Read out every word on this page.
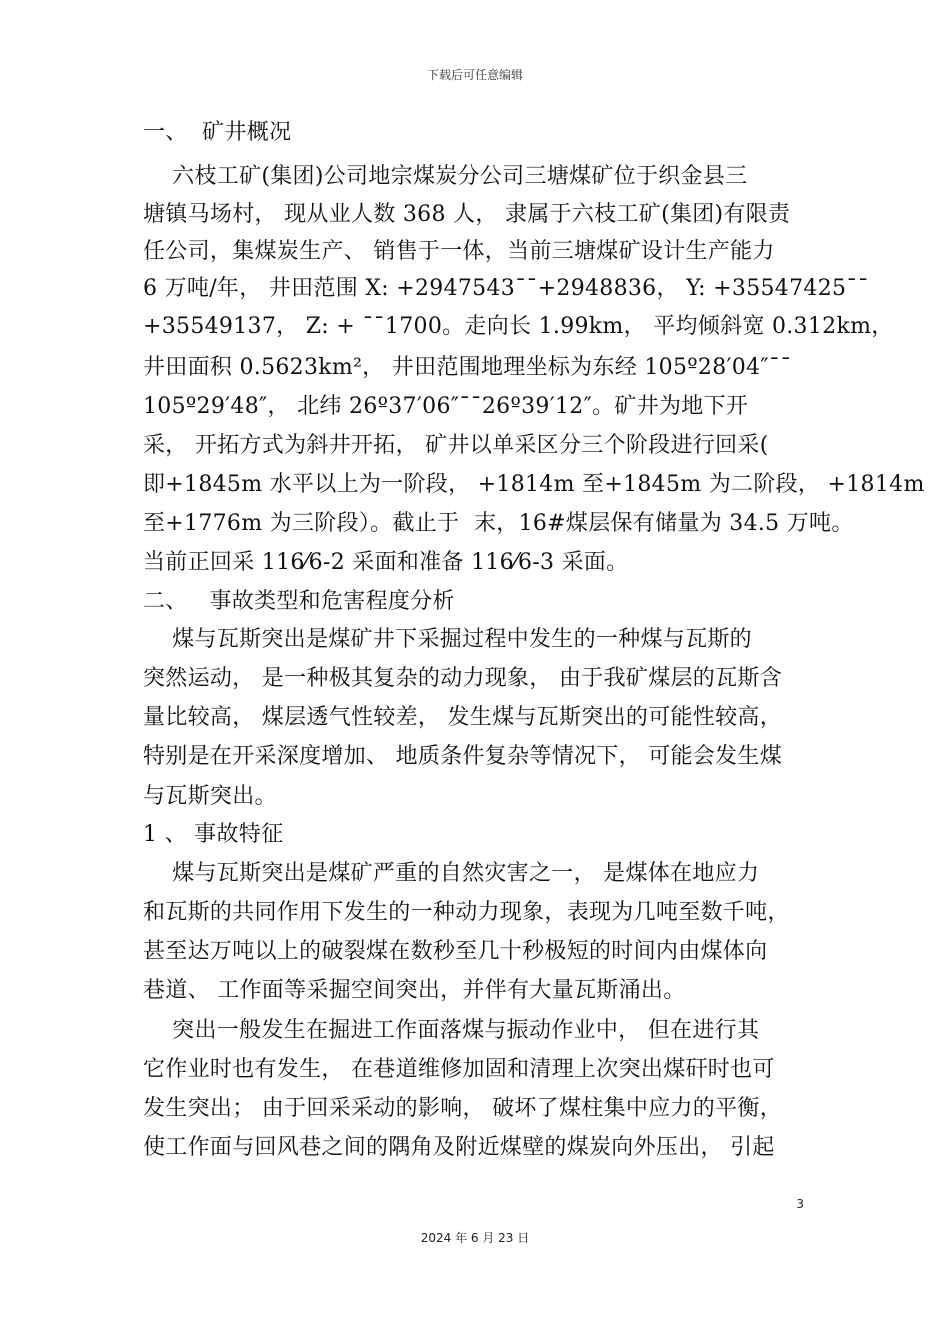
下载后可任意编辑
一、  矿井概况
六枝工矿(集团)公司地宗煤炭分公司三塘煤矿位于织金县三
塘镇马场村， 现从业人数 368 人， 隶属于六枝工矿(集团)有限责
任公司，集煤炭生产、 销售于一体，当前三塘煤矿设计生产能力
6 万吨/年， 井田范围 X: +2947543¯¯+2948836， Y: +35547425¯¯
+35549137， Z: + ¯¯1700。走向长 1.99km， 平均倾斜宽 0.312km，
井田面积 0.5623km²， 井田范围地理坐标为东经 105º28′04″¯¯
105º29′48″， 北纬 26º37′06″¯¯26º39′12″。矿井为地下开
采， 开拓方式为斜井开拓， 矿井以单采区分三个阶段进行回采(
即+1845m 水平以上为一阶段， +1814m 至+1845m 为二阶段， +1814m
至+1776m 为三阶段）。截止于  末，16#煤层保有储量为 34.5 万吨。
当前正回采 116⁄6-2 采面和准备 116⁄6-3 采面。
二、   事故类型和危害程度分析
煤与瓦斯突出是煤矿井下采掘过程中发生的一种煤与瓦斯的
突然运动， 是一种极其复杂的动力现象， 由于我矿煤层的瓦斯含
量比较高， 煤层透气性较差， 发生煤与瓦斯突出的可能性较高，
特别是在开采深度增加、 地质条件复杂等情况下， 可能会发生煤
与瓦斯突出。
1 、 事故特征
煤与瓦斯突出是煤矿严重的自然灾害之一， 是煤体在地应力
和瓦斯的共同作用下发生的一种动力现象，表现为几吨至数千吨，
甚至达万吨以上的破裂煤在数秒至几十秒极短的时间内由煤体向
巷道、 工作面等采掘空间突出，并伴有大量瓦斯涌出。
突出一般发生在掘进工作面落煤与振动作业中， 但在进行其
它作业时也有发生， 在巷道维修加固和清理上次突出煤矸时也可
发生突出； 由于回采采动的影响， 破坏了煤柱集中应力的平衡，
使工作面与回风巷之间的隅角及附近煤壁的煤炭向外压出， 引起
3
2024 年 6 月 23 日
